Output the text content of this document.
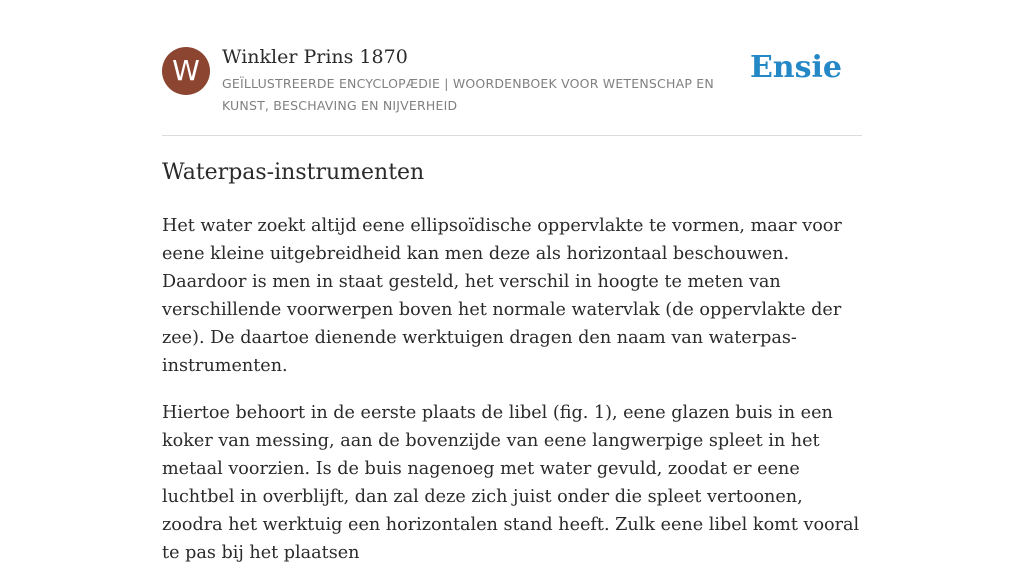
W	Winkler Prins 1870
GEÏLLUSTREERDE ENCYCLOPÆDIE | WOORDENBOEK VOOR WETENSCHAP EN KUNST, BESCHAVING EN NIJVERHEID
Ensie
Waterpas-instrumenten

Het water zoekt altijd eene ellipsoïdische oppervlakte te vormen, maar voor eene kleine uitgebreidheid kan men deze als horizontaal beschouwen. Daardoor is men in staat gesteld, het verschil in hoogte te meten van verschillende voorwerpen boven het normale watervlak (de oppervlakte der zee). De daartoe dienende werktuigen dragen den naam van waterpas-instrumenten.

Hiertoe behoort in de eerste plaats de libel (fig. 1), eene glazen buis in een koker van messing, aan de bovenzijde van eene langwerpige spleet in het metaal voorzien. Is de buis nagenoeg met water gevuld, zoodat er eene luchtbel in overblijft, dan zal deze zich juist onder die spleet vertoonen, zoodra het werktuig een horizontalen stand heeft. Zulk eene libel komt vooral te pas bij het plaatsen
